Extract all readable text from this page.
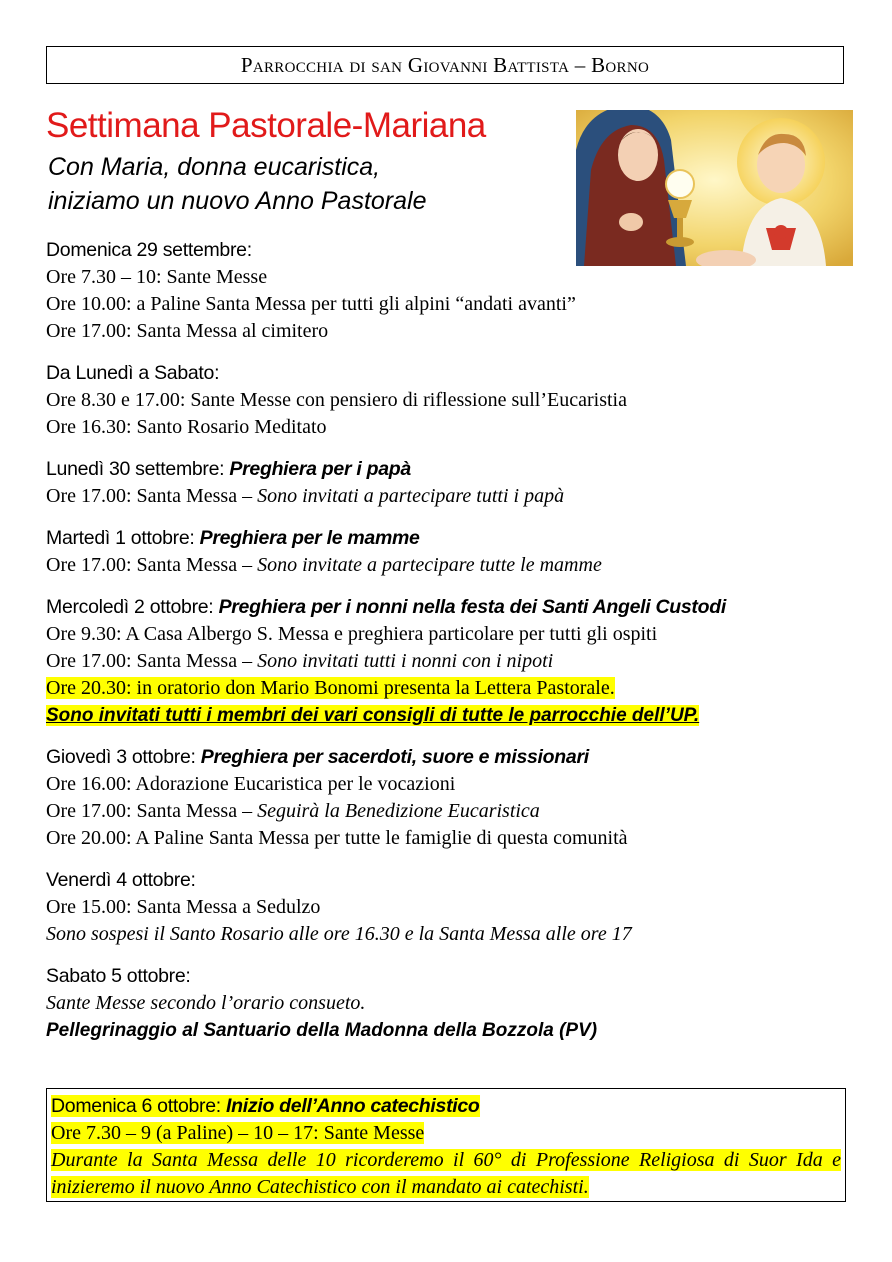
Parrocchia di san Giovanni Battista – Borno
Settimana Pastorale-Mariana
Con Maria, donna eucaristica,
iniziamo un nuovo Anno Pastorale
Domenica 29 settembre:
Ore 7.30 – 10: Sante Messe
Ore 10.00: a Paline Santa Messa per tutti gli alpini “andati avanti”
Ore 17.00: Santa Messa al cimitero
Da Lunedì a Sabato:
Ore 8.30 e 17.00: Sante Messe con pensiero di riflessione sull’Eucaristia
Ore 16.30: Santo Rosario Meditato
Lunedì 30 settembre: Preghiera per i papà
Ore 17.00: Santa Messa – Sono invitati a partecipare tutti i papà
Martedì 1 ottobre: Preghiera per le mamme
Ore 17.00: Santa Messa – Sono invitate a partecipare tutte le mamme
Mercoledì 2 ottobre: Preghiera per i nonni nella festa dei Santi Angeli Custodi
Ore 9.30: A Casa Albergo S. Messa e preghiera particolare per tutti gli ospiti
Ore 17.00: Santa Messa – Sono invitati tutti i nonni con i nipoti
Ore 20.30: in oratorio don Mario Bonomi presenta la Lettera Pastorale.
Sono invitati tutti i membri dei vari consigli di tutte le parrocchie dell’UP.
Giovedì 3 ottobre: Preghiera per sacerdoti, suore e missionari
Ore 16.00: Adorazione Eucaristica per le vocazioni
Ore 17.00: Santa Messa – Seguirà la Benedizione Eucaristica
Ore 20.00: A Paline Santa Messa per tutte le famiglie di questa comunità
Venerdì 4 ottobre:
Ore 15.00: Santa Messa a Sedulzo
Sono sospesi il Santo Rosario alle ore 16.30 e la Santa Messa alle ore 17
Sabato 5 ottobre:
Sante Messe secondo l’orario consueto.
Pellegrinaggio al Santuario della Madonna della Bozzola (PV)
Domenica 6 ottobre: Inizio dell’Anno catechistico
Ore 7.30 – 9 (a Paline) – 10 – 17: Sante Messe
Durante la Santa Messa delle 10 ricorderemo il 60° di Professione Religiosa di Suor Ida e inizieremo il nuovo Anno Catechistico con il mandato ai catechisti.
